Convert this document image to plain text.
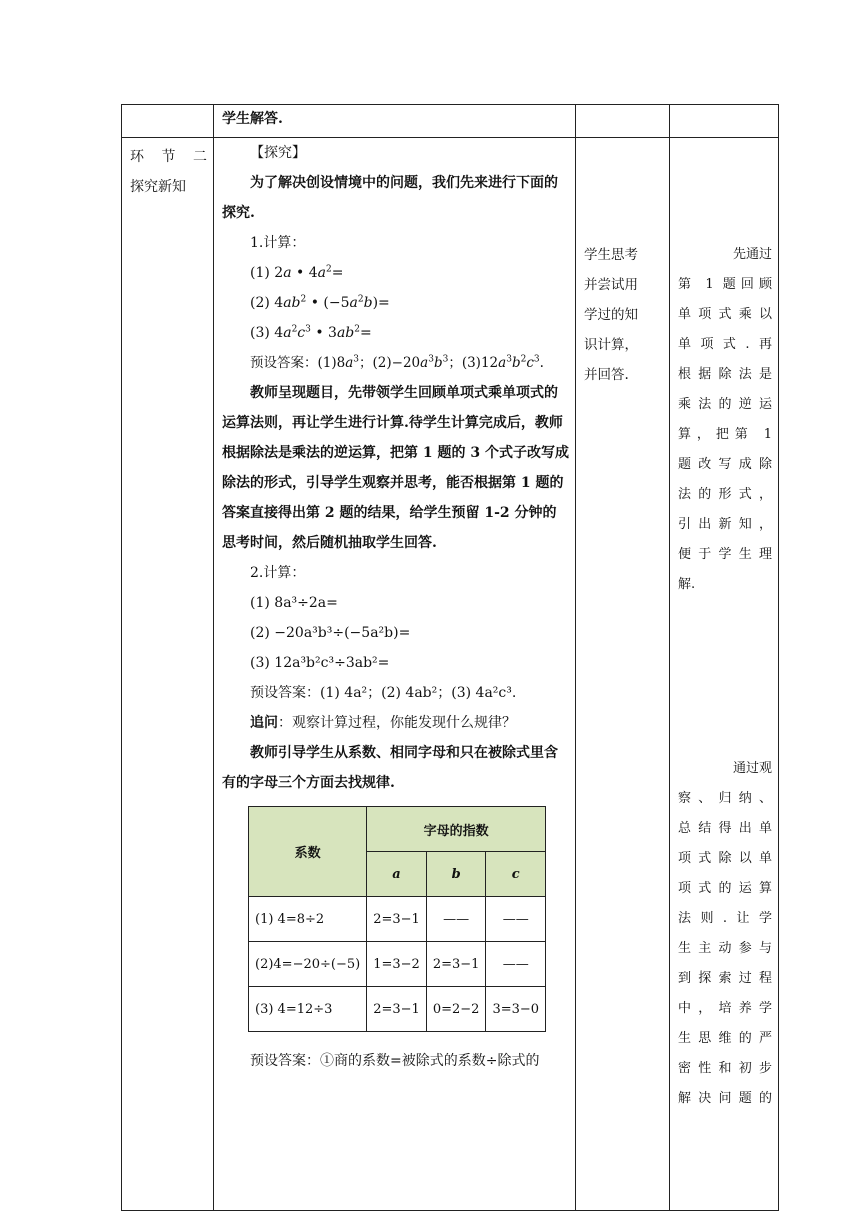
学生解答.

环 节 二
探究新知

【探究】
为了解决创设情境中的问题，我们先来进行下面的探究.
1.计算：
(1) 2a • $4a^2=$
(2) $4ab^2$ • $(-5a^2b)=$
(3) $4a^2c^3$ • $3ab^2=$
预设答案：$(1)8a^3$；$(2)-20a^3b^3$；$(3)12a^3b^2c^3$.
教师呈现题目，先带领学生回顾单项式乘单项式的运算法则，再让学生进行计算.待学生计算完成后，教师根据除法是乘法的逆运算，把第 1 题的 3 个式子改写成除法的形式，引导学生观察并思考，能否根据第 1 题的答案直接得出第 2 题的结果，给学生预留 1-2 分钟的思考时间，然后随机抽取学生回答.
2.计算：
(1) 8a³÷2a=
(2) −20a³b³÷(−5a²b)=
(3) 12a³b²c³÷3ab²=
预设答案：(1) 4a²；(2) 4ab²；(3) 4a²c³.
追问：观察计算过程，你能发现什么规律？
教师引导学生从系数、相同字母和只在被除式里含有的字母三个方面去找规律.
系数	字母的指数
a	b	c
(1) 4=8÷2	2=3−1	——	——
(2)4=−20÷(−5)	1=3−2	2=3−1	——
(3) 4=12÷3	2=3−1	0=2−2	3=3−0
预设答案：①商的系数=被除式的系数÷除式的

学生思考
并尝试用
学过的知
识计算，
并回答.

先通过
第 1 题回顾
单项式乘以
单项式.再
根据除法是
乘法的逆运
算，把第 1
题改写成除
法的形式，
引出新知，
便于学生理
解.
通过观
察、归纳、
总结得出单
项式除以单
项式的运算
法则.让学
生主动参与
到探索过程
中，培养学
生思维的严
密性和初步
解决问题的
